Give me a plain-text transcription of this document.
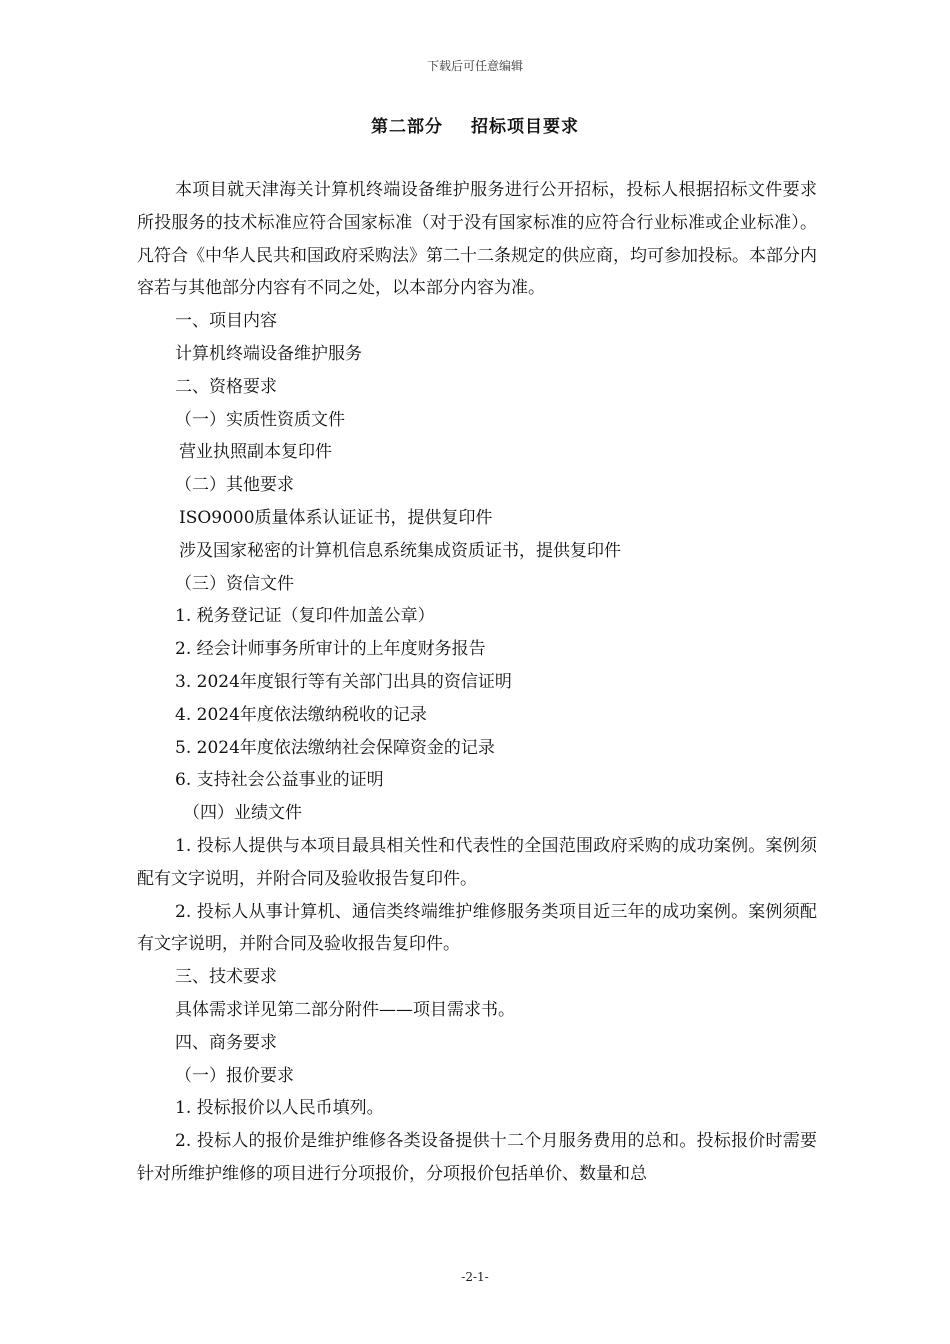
下载后可任意编辑
第二部分 招标项目要求

本项目就天津海关计算机终端设备维护服务进行公开招标，投标人根据招标文件要求所投服务的技术标准应符合国家标准（对于没有国家标准的应符合行业标准或企业标准）。凡符合《中华人民共和国政府采购法》第二十二条规定的供应商，均可参加投标。本部分内容若与其他部分内容有不同之处，以本部分内容为准。

一、项目内容

计算机终端设备维护服务

二、资格要求

（一）实质性资质文件

营业执照副本复印件

（二）其他要求

ISO9000质量体系认证证书，提供复印件

涉及国家秘密的计算机信息系统集成资质证书，提供复印件

（三）资信文件

1. 税务登记证（复印件加盖公章）

2. 经会计师事务所审计的上年度财务报告

3. 2024年度银行等有关部门出具的资信证明

4. 2024年度依法缴纳税收的记录

5. 2024年度依法缴纳社会保障资金的记录

6. 支持社会公益事业的证明

（四）业绩文件

1. 投标人提供与本项目最具相关性和代表性的全国范围政府采购的成功案例。案例须配有文字说明，并附合同及验收报告复印件。

2. 投标人从事计算机、通信类终端维护维修服务类项目近三年的成功案例。案例须配有文字说明，并附合同及验收报告复印件。

三、技术要求

具体需求详见第二部分附件——项目需求书。

四、商务要求

（一）报价要求

1. 投标报价以人民币填列。

2. 投标人的报价是维护维修各类设备提供十二个月服务费用的总和。投标报价时需要针对所维护维修的项目进行分项报价，分项报价包括单价、数量和总

-2-1-
